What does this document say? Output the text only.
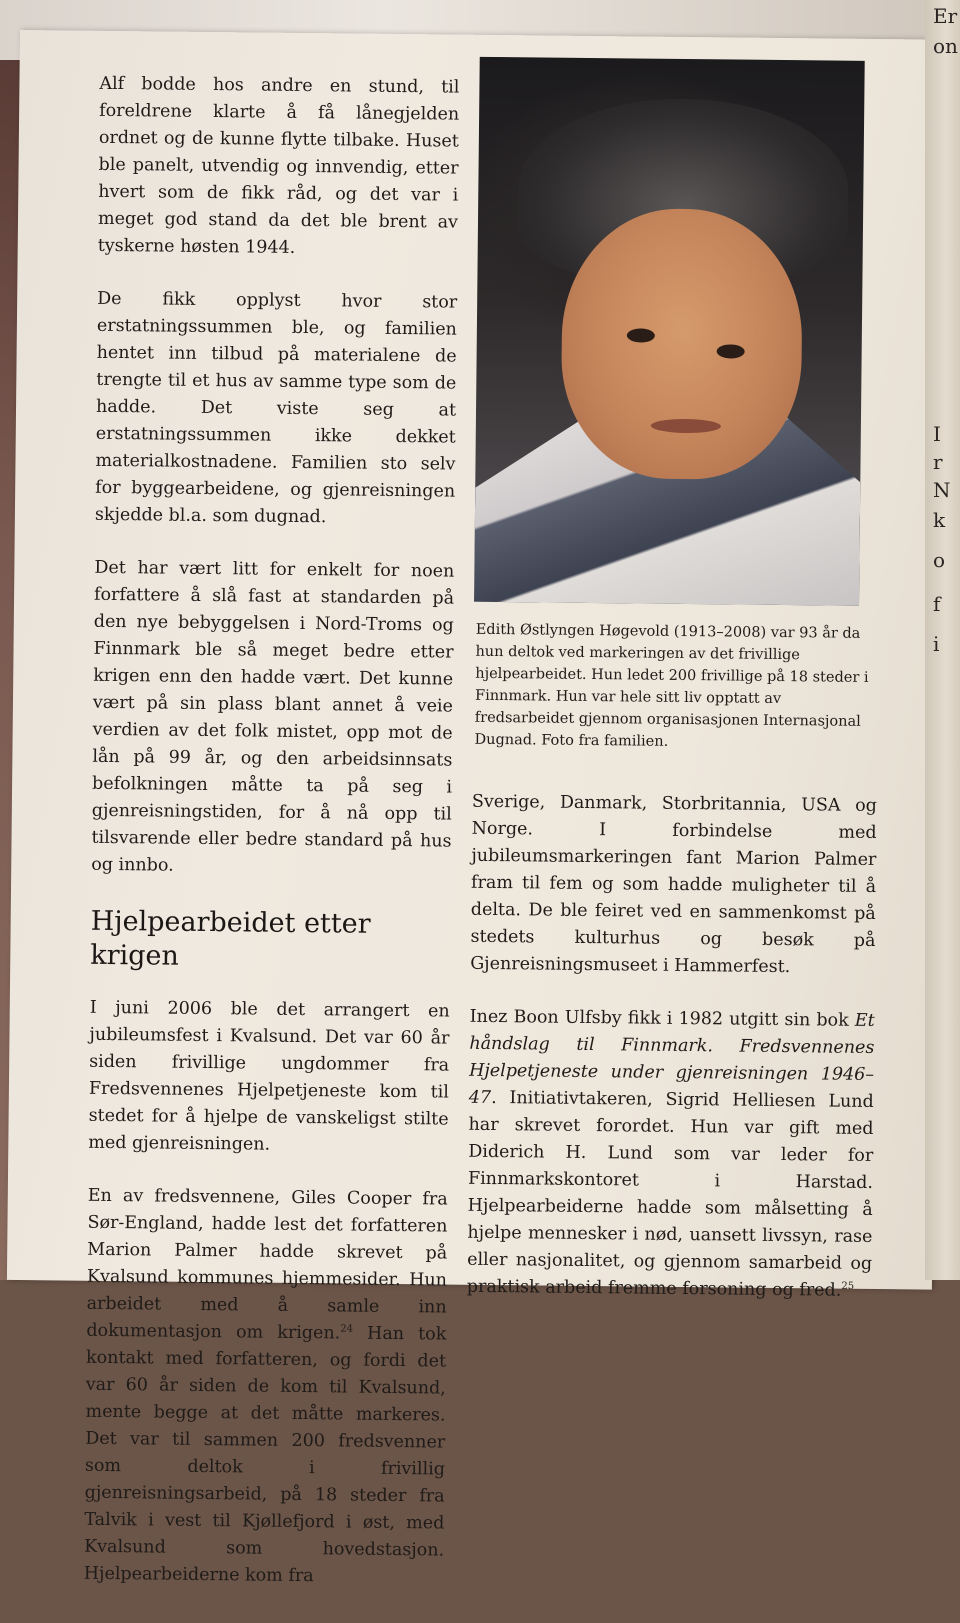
Alf bodde hos andre en stund, til foreldrene klarte å få lånegjelden ordnet og de kunne flytte tilbake. Huset ble panelt, utvendig og innvendig, etter hvert som de fikk råd, og det var i meget god stand da det ble brent av tyskerne høsten 1944.

De fikk opplyst hvor stor erstatningssummen ble, og familien hentet inn tilbud på materialene de trengte til et hus av samme type som de hadde. Det viste seg at erstatningssummen ikke dekket materialkostnadene. Familien sto selv for byggearbeidene, og gjenreisningen skjedde bl.a. som dugnad.

Det har vært litt for enkelt for noen forfattere å slå fast at standarden på den nye bebyggelsen i Nord-Troms og Finnmark ble så meget bedre etter krigen enn den hadde vært. Det kunne vært på sin plass blant annet å veie verdien av det folk mistet, opp mot de lån på 99 år, og den arbeidsinnsats befolkningen måtte ta på seg i gjenreisningstiden, for å nå opp til tilsvarende eller bedre standard på hus og innbo.

Hjelpearbeidet etter krigen

I juni 2006 ble det arrangert en jubileumsfest i Kvalsund. Det var 60 år siden frivillige ungdommer fra Fredsvennenes Hjelpetjeneste kom til stedet for å hjelpe de vanskeligst stilte med gjenreisningen.

En av fredsvennene, Giles Cooper fra Sør-England, hadde lest det forfatteren Marion Palmer hadde skrevet på Kvalsund kommunes hjemmesider. Hun arbeidet med å samle inn dokumentasjon om krigen.$^{24}$ Han tok kontakt med forfatteren, og fordi det var 60 år siden de kom til Kvalsund, mente begge at det måtte markeres. Det var til sammen 200 fredsvenner som deltok i frivillig gjenreisningsarbeid, på 18 steder fra Talvik i vest til Kjøllefjord i øst, med Kvalsund som hovedstasjon. Hjelpearbeiderne kom fra

Edith Østlyngen Høgevold (1913–2008) var 93 år da hun deltok ved markeringen av det frivillige hjelpearbeidet. Hun ledet 200 frivillige på 18 steder i Finnmark. Hun var hele sitt liv opptatt av fredsarbeidet gjennom organisasjonen Internasjonal Dugnad. Foto fra familien.

Sverige, Danmark, Storbritannia, USA og Norge. I forbindelse med jubileumsmarkeringen fant Marion Palmer fram til fem og som hadde muligheter til å delta. De ble feiret ved en sammenkomst på stedets kulturhus og besøk på Gjenreisningsmuseet i Hammerfest.

Inez Boon Ulfsby fikk i 1982 utgitt sin bok Et håndslag til Finnmark. Fredsvennenes Hjelpetjeneste under gjenreisningen 1946–47. Initiativtakeren, Sigrid Helliesen Lund har skrevet forordet. Hun var gift med Diderich H. Lund som var leder for Finnmarkskontoret i Harstad. Hjelpearbeiderne hadde som målsetting å hjelpe mennesker i nød, uansett livssyn, rase eller nasjonalitet, og gjennom samarbeid og praktisk arbeid fremme forsoning og fred.$^{25}$

Er
on
I
r
N
k
o
f
i
